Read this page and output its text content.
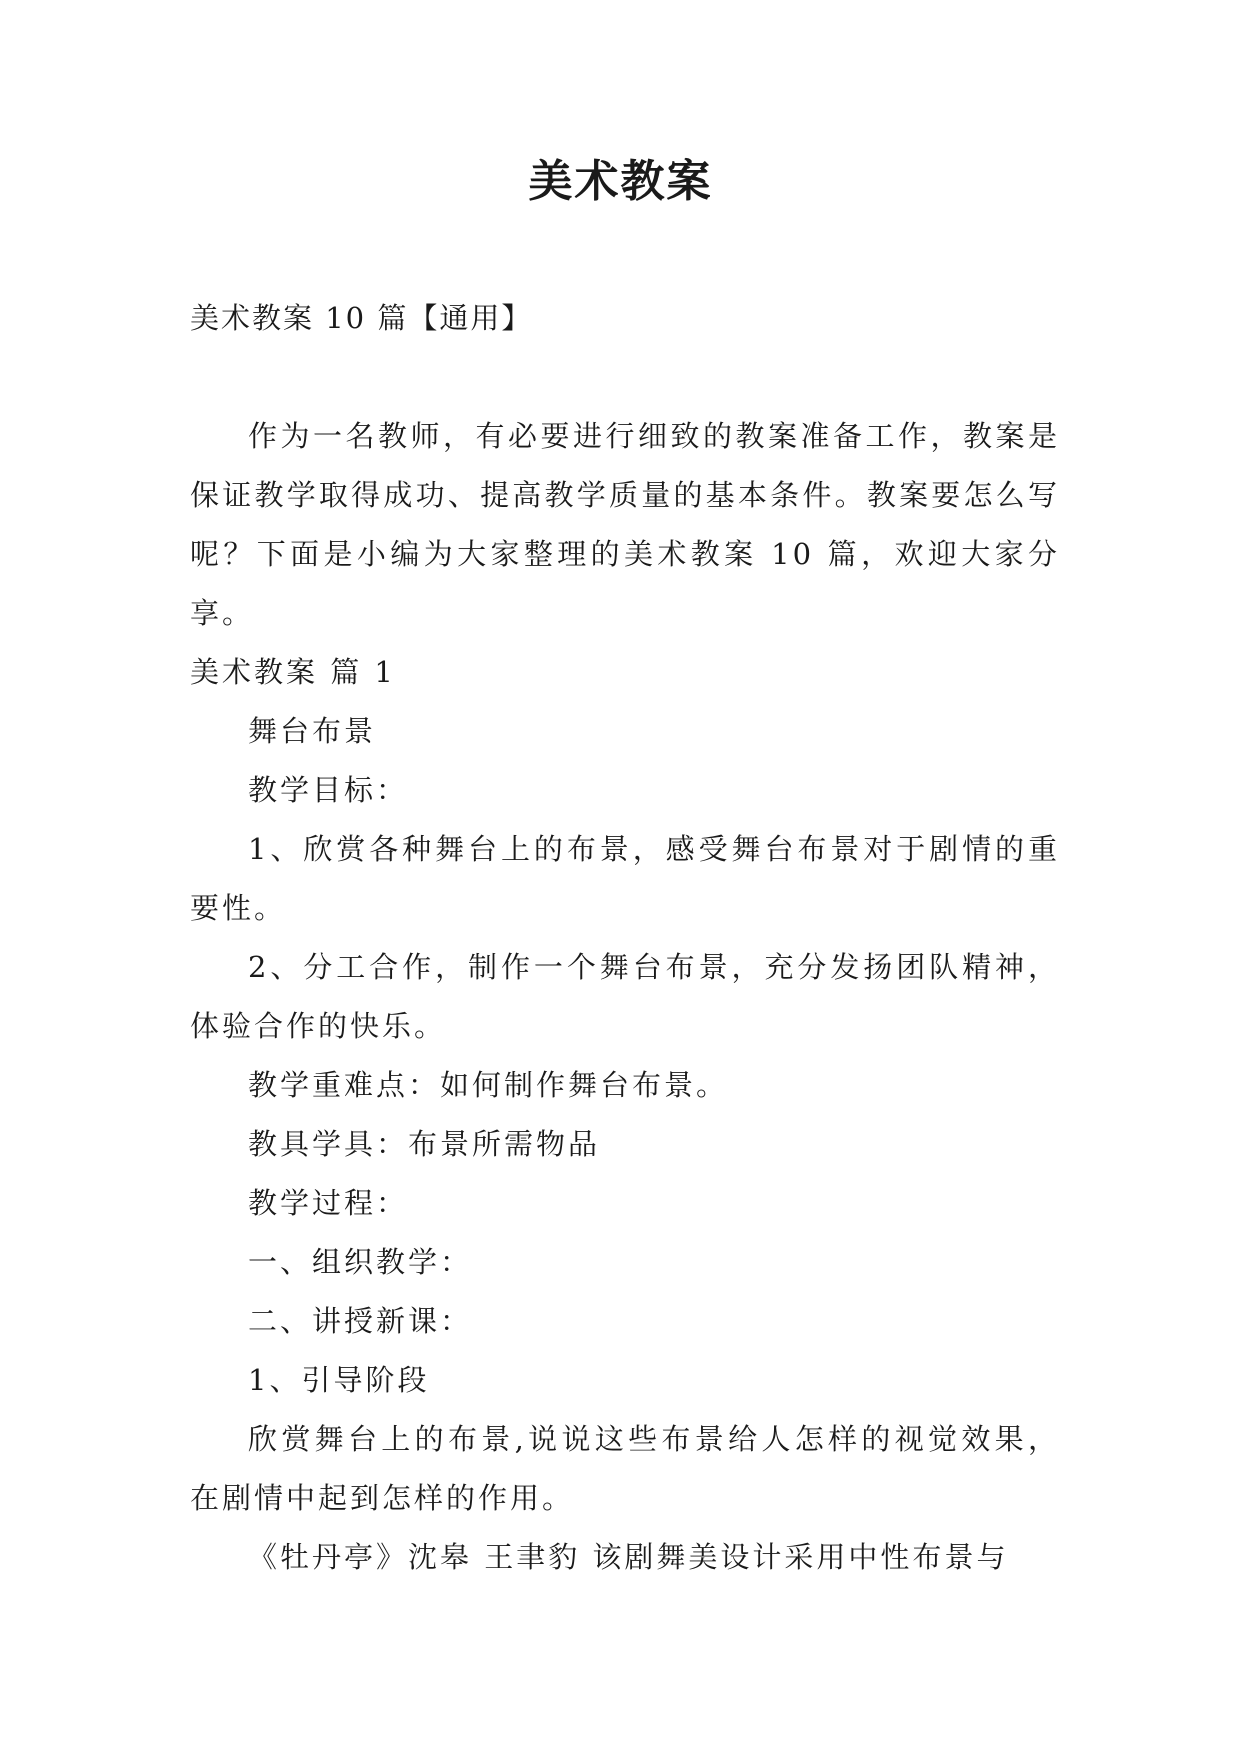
美术教案

美术教案 10 篇【通用】

作为一名教师，有必要进行细致的教案准备工作，教案是保证教学取得成功、提高教学质量的基本条件。教案要怎么写呢？下面是小编为大家整理的美术教案 10 篇，欢迎大家分享。

美术教案 篇 1

舞台布景

教学目标：

1、欣赏各种舞台上的布景，感受舞台布景对于剧情的重要性。

2、分工合作，制作一个舞台布景，充分发扬团队精神，体验合作的快乐。

教学重难点：如何制作舞台布景。

教具学具：布景所需物品

教学过程：

一、组织教学：

二、讲授新课：

1、引导阶段

欣赏舞台上的布景,说说这些布景给人怎样的视觉效果，在剧情中起到怎样的作用。

《牡丹亭》沈皋 王聿豹 该剧舞美设计采用中性布景与
